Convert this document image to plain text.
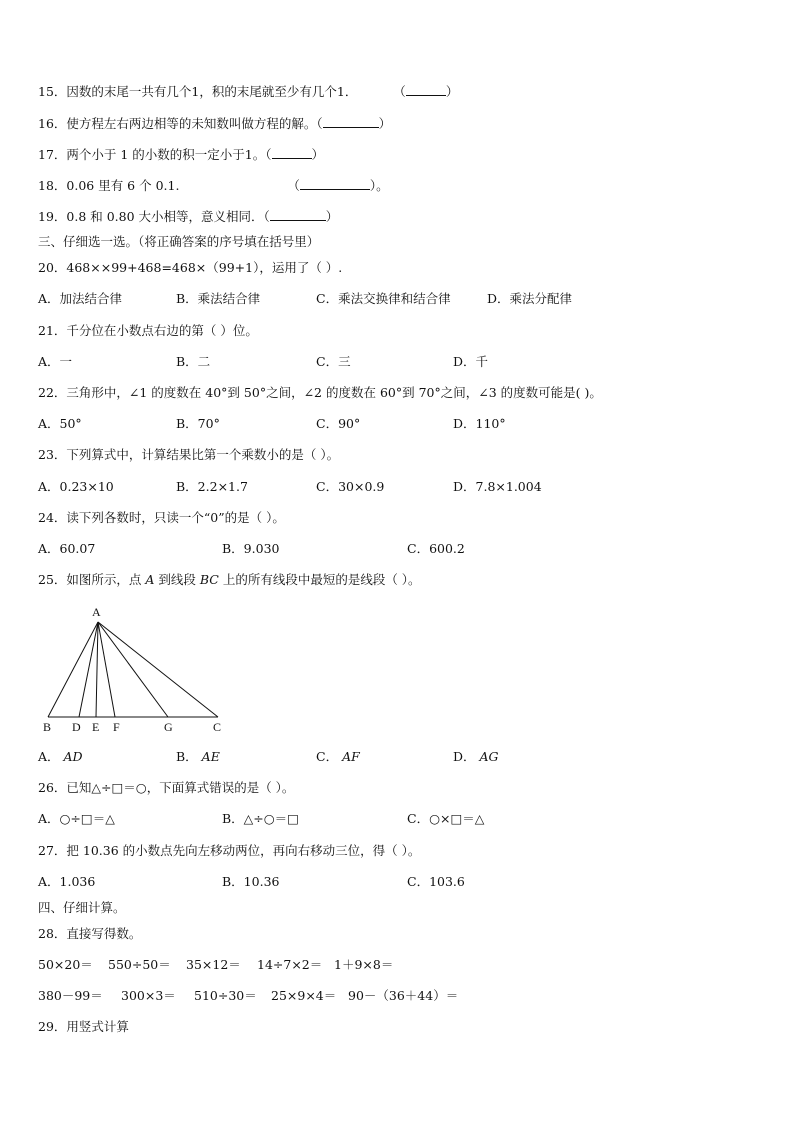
15．因数的末尾一共有几个1，积的末尾就至少有几个1．	（	）
16．使方程左右两边相等的未知数叫做方程的解。（	）
17．两个小于 1 的小数的积一定小于1。（	）
18．0.06 里有 6 个 0.1.	（	）。
19．0.8 和 0.80 大小相等，意义相同．（	）
三、仔细选一选。（将正确答案的序号填在括号里）
20．468××99+468=468×（99+1），运用了（ ）.
A．加法结合律	B．乘法结合律	C．乘法交换律和结合律	D．乘法分配律
21．千分位在小数点右边的第（ ）位。
A．一	B．二	C．三	D．千
22．三角形中，∠1 的度数在 40°到 50°之间，∠2 的度数在 60°到 70°之间，∠3 的度数可能是( )。
A．50°	B．70°	C．90°	D．110°
23．下列算式中，计算结果比第一个乘数小的是（ ）。
A．0.23×10	B．2.2×1.7	C．30×0.9	D．7.8×1.004
24．读下列各数时，只读一个“0”的是（ ）。
A．60.07	B．9.030	C．600.2
25．如图所示，点 A 到线段 BC 上的所有线段中最短的是线段（ ）。
A
B D E F	G	C
A． AD	B． AE	C． AF	D． AG
26．已知△÷□＝○，下面算式错误的是（ ）。
A．○÷□＝△	B．△÷○＝□	C．○×□＝△
27．把 10.36 的小数点先向左移动两位，再向右移动三位，得（ ）。
A．1.036	B．10.36	C．103.6
四、仔细计算。
28．直接写得数。
50×20＝ 550÷50＝ 35×12＝ 14÷7×2＝ 1＋9×8＝
380－99＝ 300×3＝ 510÷30＝ 25×9×4＝ 90－（36＋44）＝
29．用竖式计算
